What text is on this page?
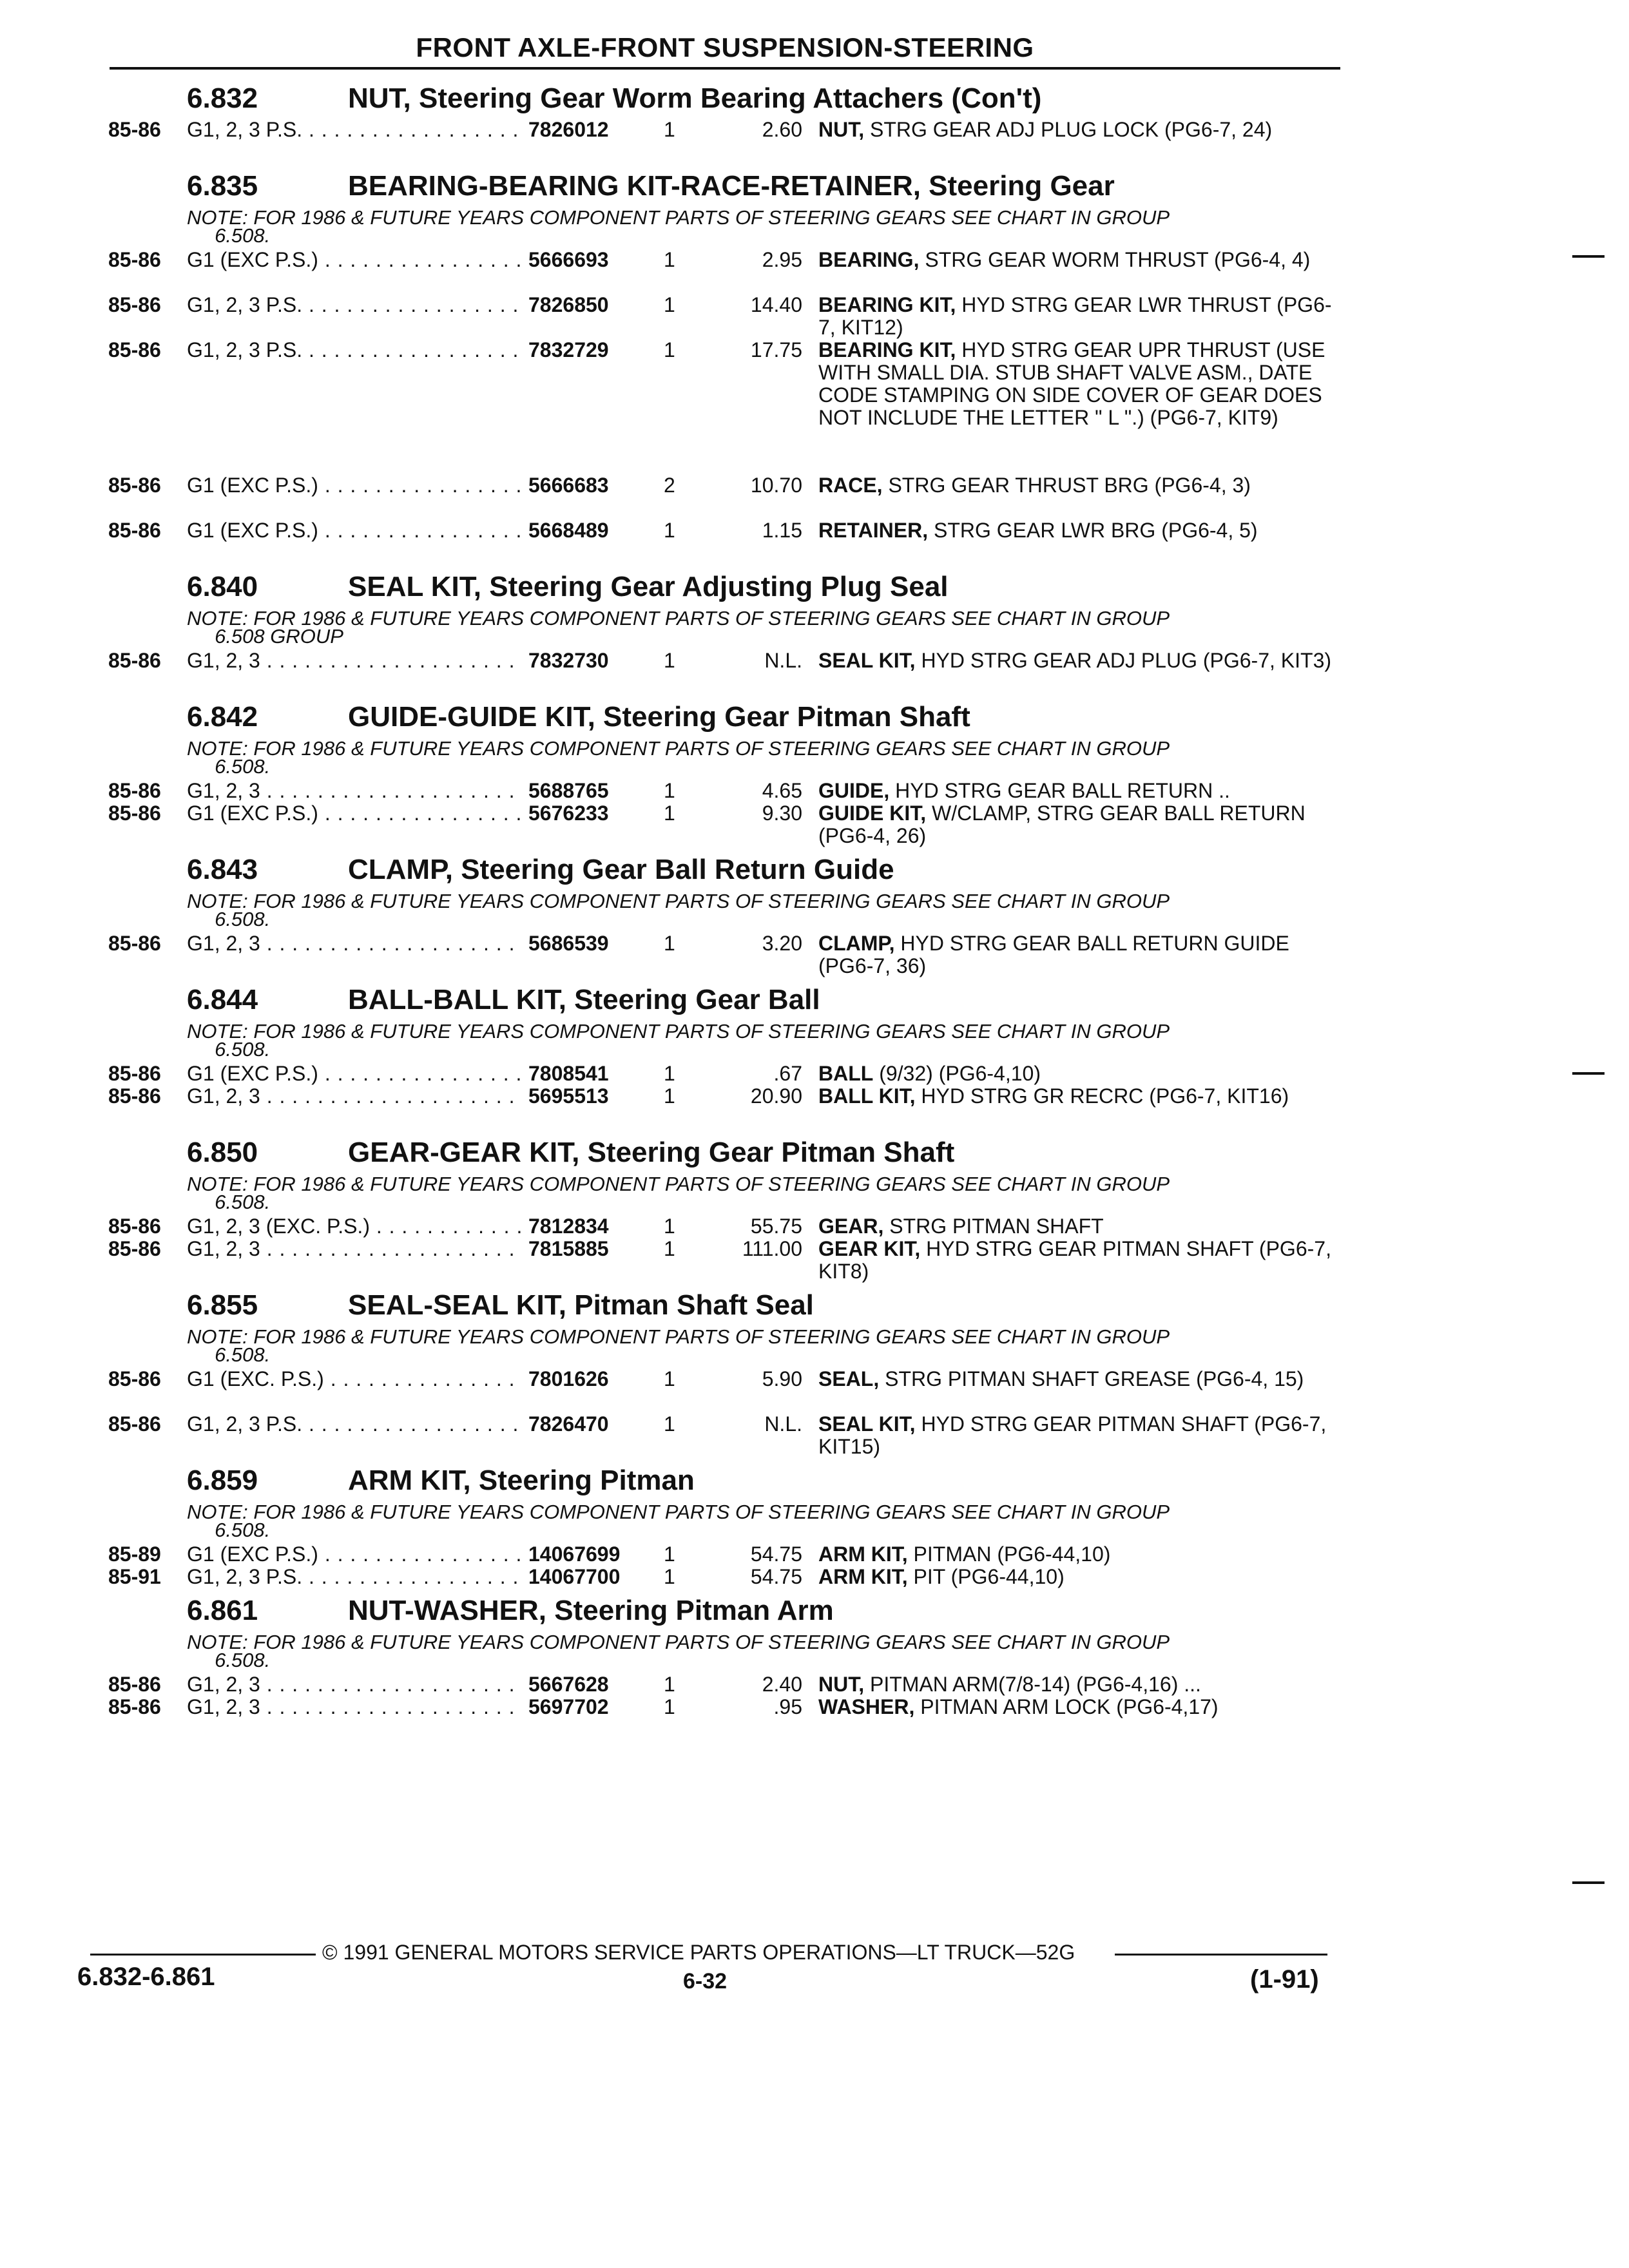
FRONT AXLE-FRONT SUSPENSION-STEERING
6.832	NUT, Steering Gear Worm Bearing Attachers (Con't)
85-86	G1, 2, 3 P.S. . . .	7826012	1	2.60 NUT, STRG GEAR ADJ PLUG LOCK (PG6-7, 24)
6.835	BEARING-BEARING KIT-RACE-RETAINER, Steering Gear
NOTE: FOR 1986 & FUTURE YEARS COMPONENT PARTS OF STEERING GEARS SEE CHART IN GROUP
6.508.
85-86	G1 (EXC P.S.) . . .	5666693	1	2.95 BEARING, STRG GEAR WORM THRUST (PG6-4, 4)
85-86	G1, 2, 3 P.S. . . .	7826850	1	14.40 BEARING KIT, HYD STRG GEAR LWR THRUST (PG6-7, KIT12)
85-86	G1, 2, 3 P.S. . . .	7832729	1	17.75 BEARING KIT, HYD STRG GEAR UPR THRUST (USE WITH SMALL DIA. STUB SHAFT VALVE ASM., DATE CODE STAMPING ON SIDE COVER OF GEAR DOES NOT INCLUDE THE LETTER " L ".) (PG6-7, KIT9)
85-86	G1 (EXC P.S.) . . .	5666683	2	10.70 RACE, STRG GEAR THRUST BRG (PG6-4, 3)
85-86	G1 (EXC P.S.) . . .	5668489	1	1.15 RETAINER, STRG GEAR LWR BRG (PG6-4, 5)
6.840	SEAL KIT, Steering Gear Adjusting Plug Seal
NOTE: FOR 1986 & FUTURE YEARS COMPONENT PARTS OF STEERING GEARS SEE CHART IN GROUP
6.508 GROUP
85-86	G1, 2, 3 . . .	7832730	1	N.L. SEAL KIT, HYD STRG GEAR ADJ PLUG (PG6-7, KIT3)
6.842	GUIDE-GUIDE KIT, Steering Gear Pitman Shaft
NOTE: FOR 1986 & FUTURE YEARS COMPONENT PARTS OF STEERING GEARS SEE CHART IN GROUP
6.508.
85-86	G1, 2, 3 . . .	5688765	1	4.65 GUIDE, HYD STRG GEAR BALL RETURN ..
85-86	G1 (EXC P.S.) . . .	5676233	1	9.30 GUIDE KIT, W/CLAMP, STRG GEAR BALL RETURN (PG6-4, 26)
6.843	CLAMP, Steering Gear Ball Return Guide
NOTE: FOR 1986 & FUTURE YEARS COMPONENT PARTS OF STEERING GEARS SEE CHART IN GROUP
6.508.
85-86	G1, 2, 3 . . .	5686539	1	3.20 CLAMP, HYD STRG GEAR BALL RETURN GUIDE (PG6-7, 36)
6.844	BALL-BALL KIT, Steering Gear Ball
NOTE: FOR 1986 & FUTURE YEARS COMPONENT PARTS OF STEERING GEARS SEE CHART IN GROUP
6.508.
85-86	G1 (EXC P.S.) . . .	7808541	1	.67 BALL (9/32) (PG6-4,10)
85-86	G1, 2, 3 . . .	5695513	1	20.90 BALL KIT, HYD STRG GR RECRC (PG6-7, KIT16)
6.850	GEAR-GEAR KIT, Steering Gear Pitman Shaft
NOTE: FOR 1986 & FUTURE YEARS COMPONENT PARTS OF STEERING GEARS SEE CHART IN GROUP
6.508.
85-86	G1, 2, 3 (EXC. P.S.) . . .	7812834	1	55.75 GEAR, STRG PITMAN SHAFT
85-86	G1, 2, 3 . . .	7815885	1	111.00 GEAR KIT, HYD STRG GEAR PITMAN SHAFT (PG6-7, KIT8)
6.855	SEAL-SEAL KIT, Pitman Shaft Seal
NOTE: FOR 1986 & FUTURE YEARS COMPONENT PARTS OF STEERING GEARS SEE CHART IN GROUP
6.508.
85-86	G1 (EXC. P.S.) . . .	7801626	1	5.90 SEAL, STRG PITMAN SHAFT GREASE (PG6-4, 15)
85-86	G1, 2, 3 P.S. . . .	7826470	1	N.L. SEAL KIT, HYD STRG GEAR PITMAN SHAFT (PG6-7, KIT15)
6.859	ARM KIT, Steering Pitman
NOTE: FOR 1986 & FUTURE YEARS COMPONENT PARTS OF STEERING GEARS SEE CHART IN GROUP
6.508.
85-89	G1 (EXC P.S.) . . .	14067699	1	54.75 ARM KIT, PITMAN (PG6-44,10)
85-91	G1, 2, 3 P.S. . . .	14067700	1	54.75 ARM KIT, PIT (PG6-44,10)
6.861	NUT-WASHER, Steering Pitman Arm
NOTE: FOR 1986 & FUTURE YEARS COMPONENT PARTS OF STEERING GEARS SEE CHART IN GROUP
6.508.
85-86	G1, 2, 3 . . .	5667628	1	2.40 NUT, PITMAN ARM(7/8-14) (PG6-4,16) ...
85-86	G1, 2, 3 . . .	5697702	1	.95 WASHER, PITMAN ARM LOCK (PG6-4,17)
© 1991 GENERAL MOTORS SERVICE PARTS OPERATIONS—LT TRUCK—52G
6.832-6.861	6-32	(1-91)
